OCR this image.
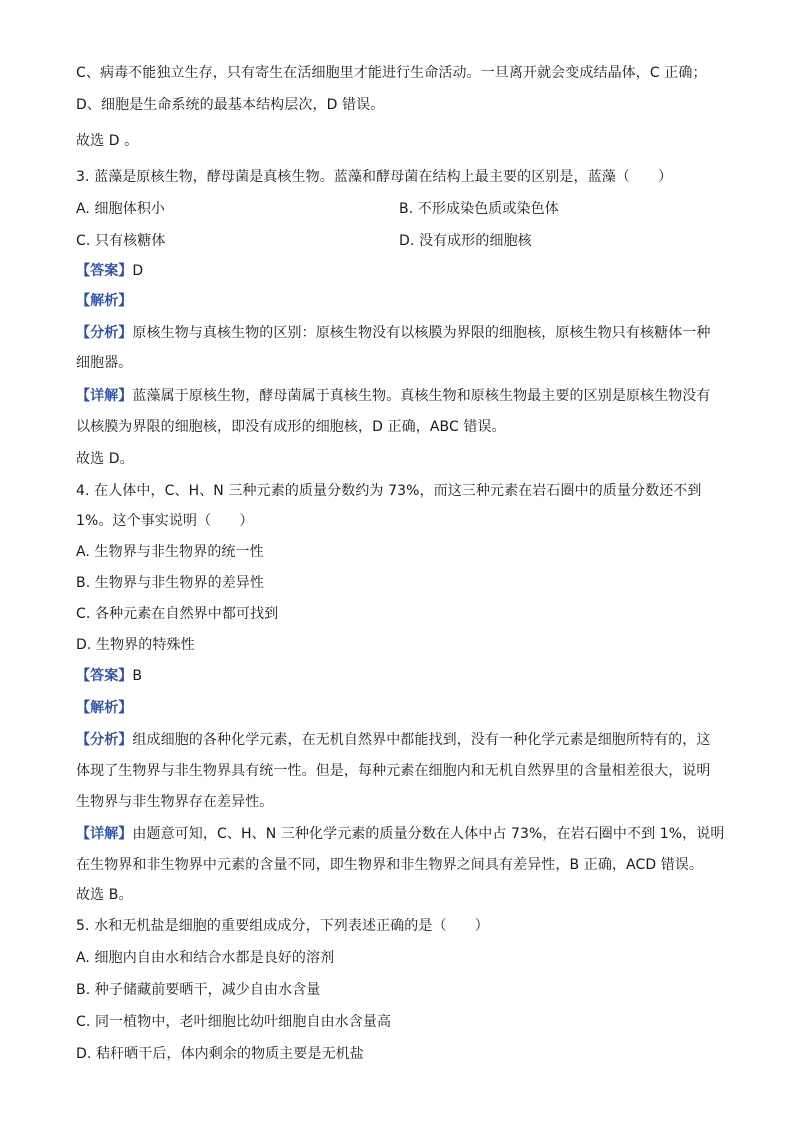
C、病毒不能独立生存，只有寄生在活细胞里才能进行生命活动。一旦离开就会变成结晶体，C 正确；
D、细胞是生命系统的最基本结构层次，D 错误。
故选 D 。
3. 蓝藻是原核生物，酵母菌是真核生物。蓝藻和酵母菌在结构上最主要的区别是，蓝藻（　　）
A. 细胞体积小	B. 不形成染色质或染色体
C. 只有核糖体	D. 没有成形的细胞核
【答案】D
【解析】
【分析】原核生物与真核生物的区别：原核生物没有以核膜为界限的细胞核，原核生物只有核糖体一种
细胞器。
【详解】蓝藻属于原核生物，酵母菌属于真核生物。真核生物和原核生物最主要的区别是原核生物没有
以核膜为界限的细胞核，即没有成形的细胞核，D 正确，ABC 错误。
故选 D。
4. 在人体中，C、H、N 三种元素的质量分数约为 73%，而这三种元素在岩石圈中的质量分数还不到
1%。这个事实说明（　　）
A. 生物界与非生物界的统一性
B. 生物界与非生物界的差异性
C. 各种元素在自然界中都可找到
D. 生物界的特殊性
【答案】B
【解析】
【分析】组成细胞的各种化学元素，在无机自然界中都能找到，没有一种化学元素是细胞所特有的，这
体现了生物界与非生物界具有统一性。但是，每种元素在细胞内和无机自然界里的含量相差很大，说明
生物界与非生物界存在差异性。
【详解】由题意可知，C、H、N 三种化学元素的质量分数在人体中占 73%，在岩石圈中不到 1%，说明
在生物界和非生物界中元素的含量不同，即生物界和非生物界之间具有差异性，B 正确，ACD 错误。
故选 B。
5. 水和无机盐是细胞的重要组成成分，下列表述正确的是（　　）
A. 细胞内自由水和结合水都是良好的溶剂
B. 种子储藏前要晒干，减少自由水含量
C. 同一植物中，老叶细胞比幼叶细胞自由水含量高
D. 秸秆晒干后，体内剩余的物质主要是无机盐
